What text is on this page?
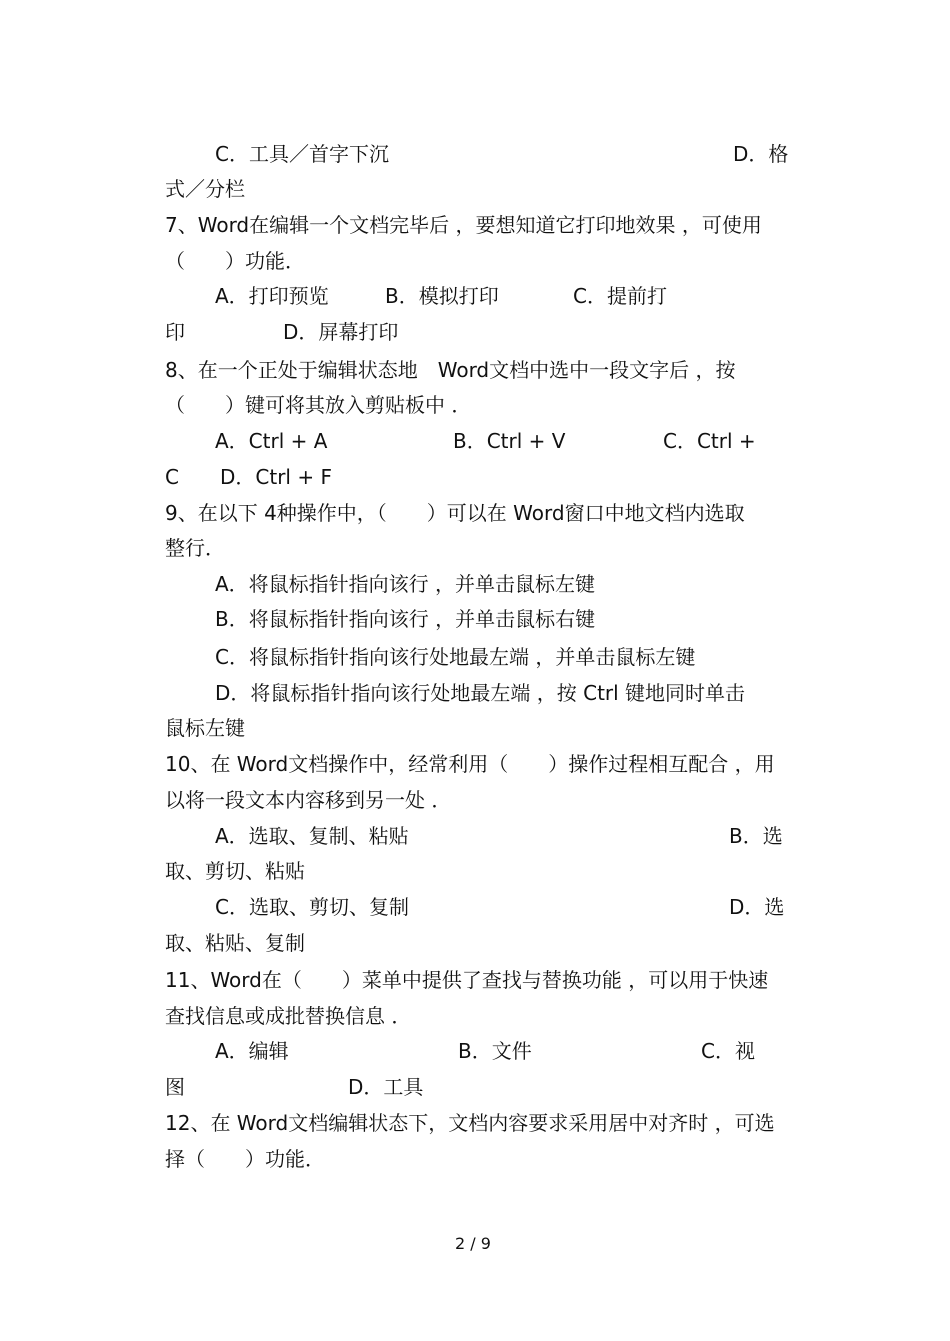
C．工具／首字下沉	D．格
式／分栏
7、Word在编辑一个文档完毕后 ，要想知道它打印地效果 ，可使用
（　　）功能．
A．打印预览	B．模拟打印	C．提前打
印	D．屏幕打印
8、在一个正处于编辑状态地　Word文档中选中一段文字后 ，按
（　　）键可将其放入剪贴板中 ．
A．Ctrl + A	B．Ctrl + V	C．Ctrl +
C D．Ctrl + F
9、在以下 4种操作中，（　　）可以在 Word窗口中地文档内选取
整行．
A．将鼠标指针指向该行 ，并单击鼠标左键
B．将鼠标指针指向该行 ，并单击鼠标右键
C．将鼠标指针指向该行处地最左端 ，并单击鼠标左键
D．将鼠标指针指向该行处地最左端 ，按 Ctrl 键地同时单击
鼠标左键
10、在 Word文档操作中，经常利用（　　）操作过程相互配合 ，用
以将一段文本内容移到另一处 ．
A．选取、复制、粘贴	B．选
取、剪切、粘贴
C．选取、剪切、复制	D．选
取、粘贴、复制
11、Word在（　　）菜单中提供了查找与替换功能 ，可以用于快速
查找信息或成批替换信息 ．
A．编辑	B．文件	C．视
图	D．工具
12、在 Word文档编辑状态下，文档内容要求采用居中对齐时 ，可选
择（　　）功能．
2 / 9
